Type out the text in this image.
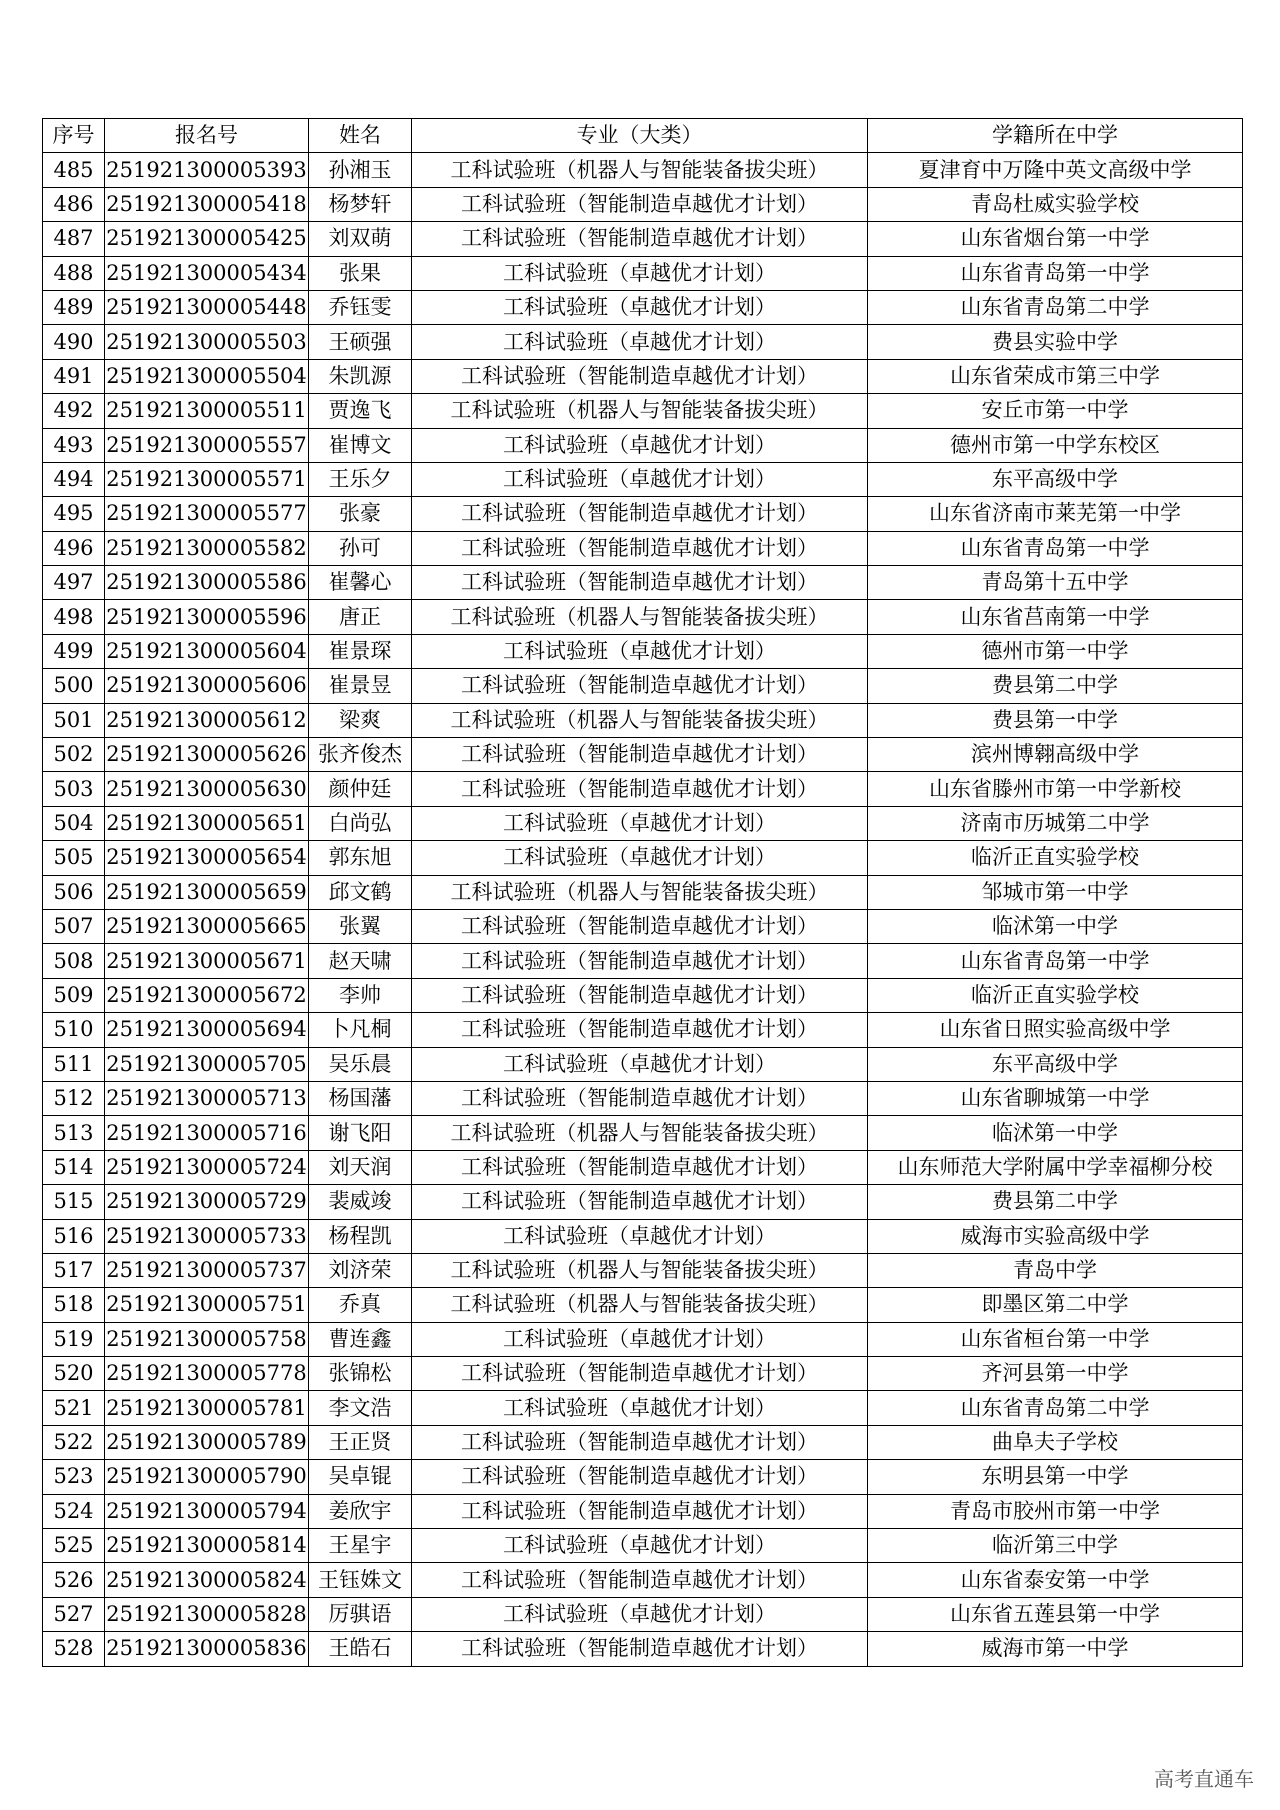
序号	报名号	姓名	专业（大类）	学籍所在中学
485	251921300005393	孙湘玉	工科试验班（机器人与智能装备拔尖班）	夏津育中万隆中英文高级中学
486	251921300005418	杨梦轩	工科试验班（智能制造卓越优才计划）	青岛杜威实验学校
487	251921300005425	刘双萌	工科试验班（智能制造卓越优才计划）	山东省烟台第一中学
488	251921300005434	张果	工科试验班（卓越优才计划）	山东省青岛第一中学
489	251921300005448	乔钰雯	工科试验班（卓越优才计划）	山东省青岛第二中学
490	251921300005503	王硕强	工科试验班（卓越优才计划）	费县实验中学
491	251921300005504	朱凯源	工科试验班（智能制造卓越优才计划）	山东省荣成市第三中学
492	251921300005511	贾逸飞	工科试验班（机器人与智能装备拔尖班）	安丘市第一中学
493	251921300005557	崔博文	工科试验班（卓越优才计划）	德州市第一中学东校区
494	251921300005571	王乐夕	工科试验班（卓越优才计划）	东平高级中学
495	251921300005577	张豪	工科试验班（智能制造卓越优才计划）	山东省济南市莱芜第一中学
496	251921300005582	孙可	工科试验班（智能制造卓越优才计划）	山东省青岛第一中学
497	251921300005586	崔馨心	工科试验班（智能制造卓越优才计划）	青岛第十五中学
498	251921300005596	唐正	工科试验班（机器人与智能装备拔尖班）	山东省莒南第一中学
499	251921300005604	崔景琛	工科试验班（卓越优才计划）	德州市第一中学
500	251921300005606	崔景昱	工科试验班（智能制造卓越优才计划）	费县第二中学
501	251921300005612	梁爽	工科试验班（机器人与智能装备拔尖班）	费县第一中学
502	251921300005626	张齐俊杰	工科试验班（智能制造卓越优才计划）	滨州博翱高级中学
503	251921300005630	颜仲廷	工科试验班（智能制造卓越优才计划）	山东省滕州市第一中学新校
504	251921300005651	白尚弘	工科试验班（卓越优才计划）	济南市历城第二中学
505	251921300005654	郭东旭	工科试验班（卓越优才计划）	临沂正直实验学校
506	251921300005659	邱文鹤	工科试验班（机器人与智能装备拔尖班）	邹城市第一中学
507	251921300005665	张翼	工科试验班（智能制造卓越优才计划）	临沭第一中学
508	251921300005671	赵天啸	工科试验班（智能制造卓越优才计划）	山东省青岛第一中学
509	251921300005672	李帅	工科试验班（智能制造卓越优才计划）	临沂正直实验学校
510	251921300005694	卜凡桐	工科试验班（智能制造卓越优才计划）	山东省日照实验高级中学
511	251921300005705	吴乐晨	工科试验班（卓越优才计划）	东平高级中学
512	251921300005713	杨国藩	工科试验班（智能制造卓越优才计划）	山东省聊城第一中学
513	251921300005716	谢飞阳	工科试验班（机器人与智能装备拔尖班）	临沭第一中学
514	251921300005724	刘天润	工科试验班（智能制造卓越优才计划）	山东师范大学附属中学幸福柳分校
515	251921300005729	裴威竣	工科试验班（智能制造卓越优才计划）	费县第二中学
516	251921300005733	杨程凯	工科试验班（卓越优才计划）	威海市实验高级中学
517	251921300005737	刘济荣	工科试验班（机器人与智能装备拔尖班）	青岛中学
518	251921300005751	乔真	工科试验班（机器人与智能装备拔尖班）	即墨区第二中学
519	251921300005758	曹连鑫	工科试验班（卓越优才计划）	山东省桓台第一中学
520	251921300005778	张锦松	工科试验班（智能制造卓越优才计划）	齐河县第一中学
521	251921300005781	李文浩	工科试验班（卓越优才计划）	山东省青岛第二中学
522	251921300005789	王正贤	工科试验班（智能制造卓越优才计划）	曲阜夫子学校
523	251921300005790	吴卓锟	工科试验班（智能制造卓越优才计划）	东明县第一中学
524	251921300005794	姜欣宇	工科试验班（智能制造卓越优才计划）	青岛市胶州市第一中学
525	251921300005814	王星宇	工科试验班（卓越优才计划）	临沂第三中学
526	251921300005824	王钰姝文	工科试验班（智能制造卓越优才计划）	山东省泰安第一中学
527	251921300005828	厉骐语	工科试验班（卓越优才计划）	山东省五莲县第一中学
528	251921300005836	王皓石	工科试验班（智能制造卓越优才计划）	威海市第一中学
高考直通车
